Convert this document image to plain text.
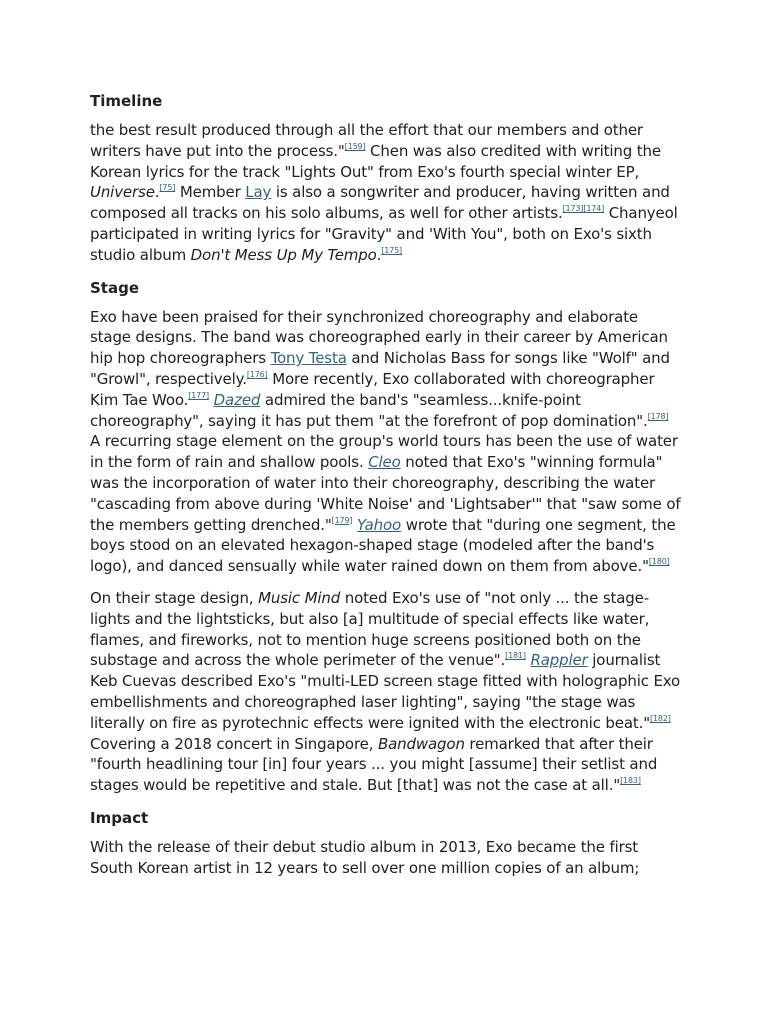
Timeline

the best result produced through all the effort that our members and other writers have put into the process."[159] Chen was also credited with writing the Korean lyrics for the track "Lights Out" from Exo's fourth special winter EP, Universe.[75] Member Lay is also a songwriter and producer, having written and composed all tracks on his solo albums, as well for other artists.[173][174] Chanyeol participated in writing lyrics for "Gravity" and 'With You", both on Exo's sixth studio album Don't Mess Up My Tempo.[175]

Stage

Exo have been praised for their synchronized choreography and elaborate stage designs. The band was choreographed early in their career by American hip hop choreographers Tony Testa and Nicholas Bass for songs like "Wolf" and "Growl", respectively.[176] More recently, Exo collaborated with choreographer Kim Tae Woo.[177] Dazed admired the band's "seamless...knife-point choreography", saying it has put them "at the forefront of pop domination".[178] A recurring stage element on the group's world tours has been the use of water in the form of rain and shallow pools. Cleo noted that Exo's "winning formula" was the incorporation of water into their choreography, describing the water "cascading from above during 'White Noise' and 'Lightsaber'" that "saw some of the members getting drenched."[179] Yahoo wrote that "during one segment, the boys stood on an elevated hexagon-shaped stage (modeled after the band's logo), and danced sensually while water rained down on them from above."[180]

On their stage design, Music Mind noted Exo's use of "not only ... the stage-lights and the lightsticks, but also [a] multitude of special effects like water, flames, and fireworks, not to mention huge screens positioned both on the substage and across the whole perimeter of the venue".[181] Rappler journalist Keb Cuevas described Exo's "multi-LED screen stage fitted with holographic Exo embellishments and choreographed laser lighting", saying "the stage was literally on fire as pyrotechnic effects were ignited with the electronic beat."[182] Covering a 2018 concert in Singapore, Bandwagon remarked that after their "fourth headlining tour [in] four years ... you might [assume] their setlist and stages would be repetitive and stale. But [that] was not the case at all."[183]

Impact

With the release of their debut studio album in 2013, Exo became the first South Korean artist in 12 years to sell over one million copies of an album;
